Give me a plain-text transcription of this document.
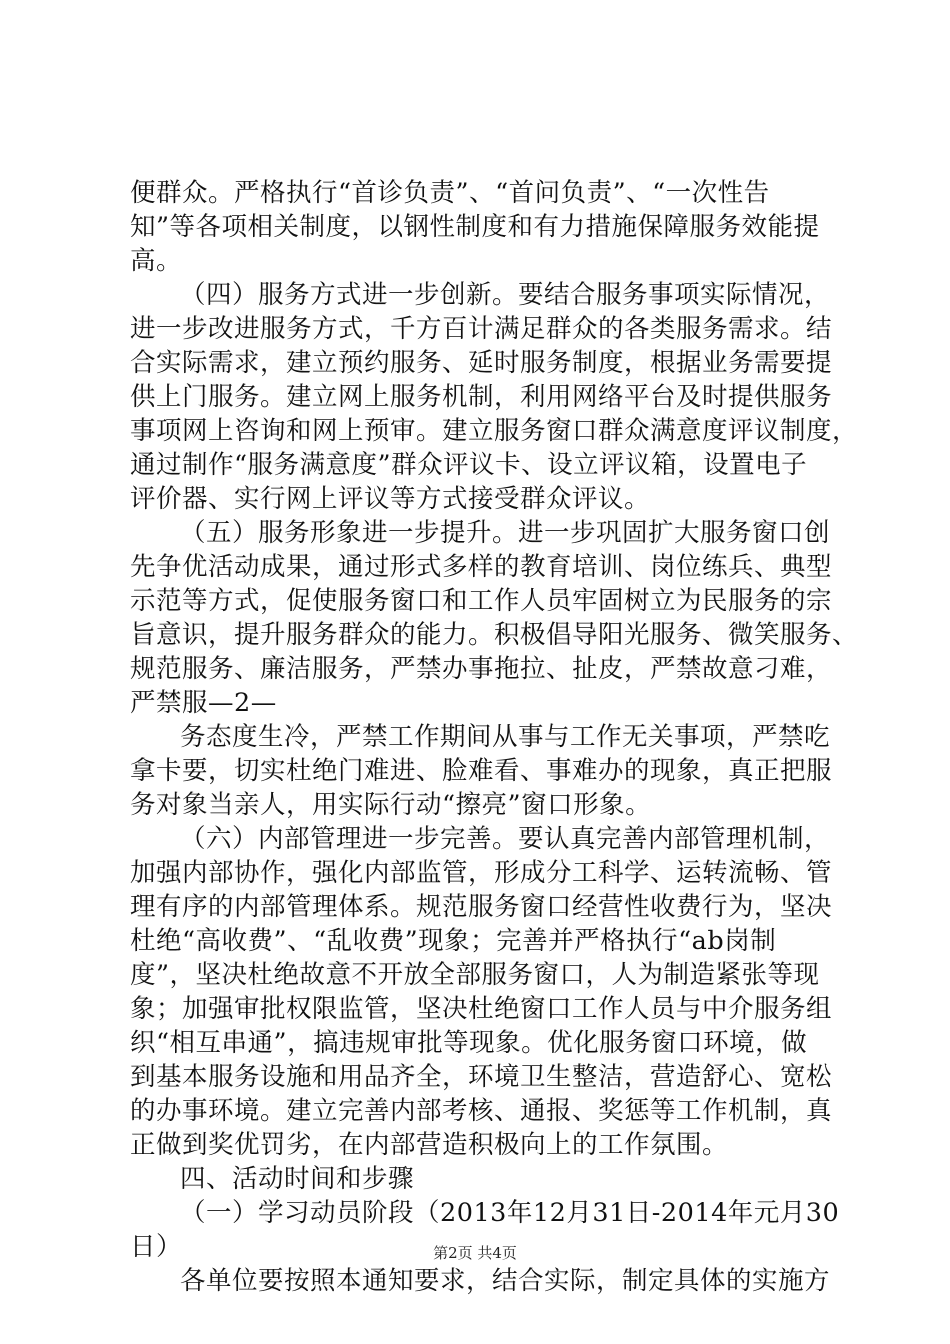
便群众。严格执行“首诊负责”、“首问负责”、“一次性告
知”等各项相关制度，以钢性制度和有力措施保障服务效能提
高。
（四）服务方式进一步创新。要结合服务事项实际情况，
进一步改进服务方式，千方百计满足群众的各类服务需求。结
合实际需求，建立预约服务、延时服务制度，根据业务需要提
供上门服务。建立网上服务机制，利用网络平台及时提供服务
事项网上咨询和网上预审。建立服务窗口群众满意度评议制度，
通过制作“服务满意度”群众评议卡、设立评议箱，设置电子
评价器、实行网上评议等方式接受群众评议。
（五）服务形象进一步提升。进一步巩固扩大服务窗口创
先争优活动成果，通过形式多样的教育培训、岗位练兵、典型
示范等方式，促使服务窗口和工作人员牢固树立为民服务的宗
旨意识，提升服务群众的能力。积极倡导阳光服务、微笑服务、
规范服务、廉洁服务，严禁办事拖拉、扯皮，严禁故意刁难，
严禁服—2—
务态度生冷，严禁工作期间从事与工作无关事项，严禁吃
拿卡要，切实杜绝门难进、脸难看、事难办的现象，真正把服
务对象当亲人，用实际行动“擦亮”窗口形象。
（六）内部管理进一步完善。要认真完善内部管理机制，
加强内部协作，强化内部监管，形成分工科学、运转流畅、管
理有序的内部管理体系。规范服务窗口经营性收费行为，坚决
杜绝“高收费”、“乱收费”现象；完善并严格执行“ab岗制
度”，坚决杜绝故意不开放全部服务窗口，人为制造紧张等现
象；加强审批权限监管，坚决杜绝窗口工作人员与中介服务组
织“相互串通”，搞违规审批等现象。优化服务窗口环境，做
到基本服务设施和用品齐全，环境卫生整洁，营造舒心、宽松
的办事环境。建立完善内部考核、通报、奖惩等工作机制，真
正做到奖优罚劣，在内部营造积极向上的工作氛围。
四、活动时间和步骤
（一）学习动员阶段（2013年12月31日-2014年元月30
日）
各单位要按照本通知要求，结合实际，制定具体的实施方
第2页 共4页
